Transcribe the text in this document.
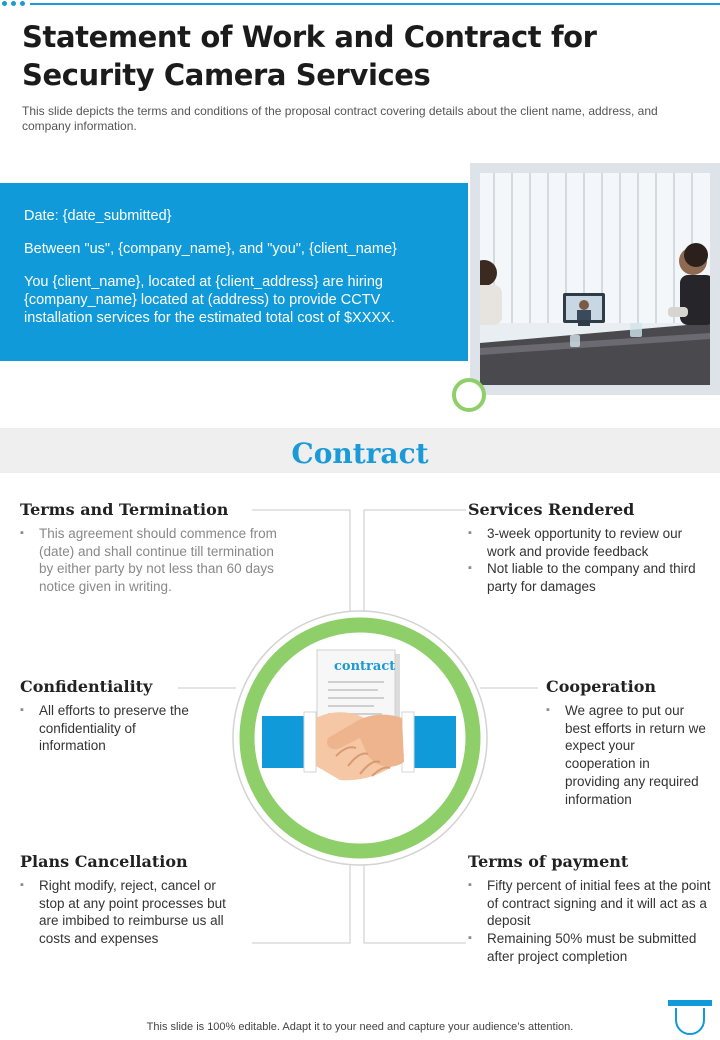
Statement of Work and Contract for Security Camera Services
This slide depicts the terms and conditions of the proposal contract covering details about the client name, address, and company information.

Date: {date_submitted}

Between "us", {company_name}, and "you", {client_name}

You {client_name}, located at {client_address} are hiring {company_name} located at (address) to provide CCTV installation services for the estimated total cost of $XXXX.

Contract
Terms and Termination
▪ This agreement should commence from (date) and shall continue till termination by either party by not less than 60 days notice given in writing.
Services Rendered
▪ 3-week opportunity to review our work and provide feedback
▪ Not liable to the company and third party for damages
Confidentiality
▪ All efforts to preserve the confidentiality of information
Cooperation
▪ We agree to put our best efforts in return we expect your cooperation in providing any required information
Plans Cancellation
▪ Right modify, reject, cancel or stop at any point processes but are imbibed to reimburse us all costs and expenses
Terms of payment
▪ Fifty percent of initial fees at the point of contract signing and it will act as a deposit
▪ Remaining 50% must be submitted after project completion
contract
This slide is 100% editable. Adapt it to your need and capture your audience’s attention.
